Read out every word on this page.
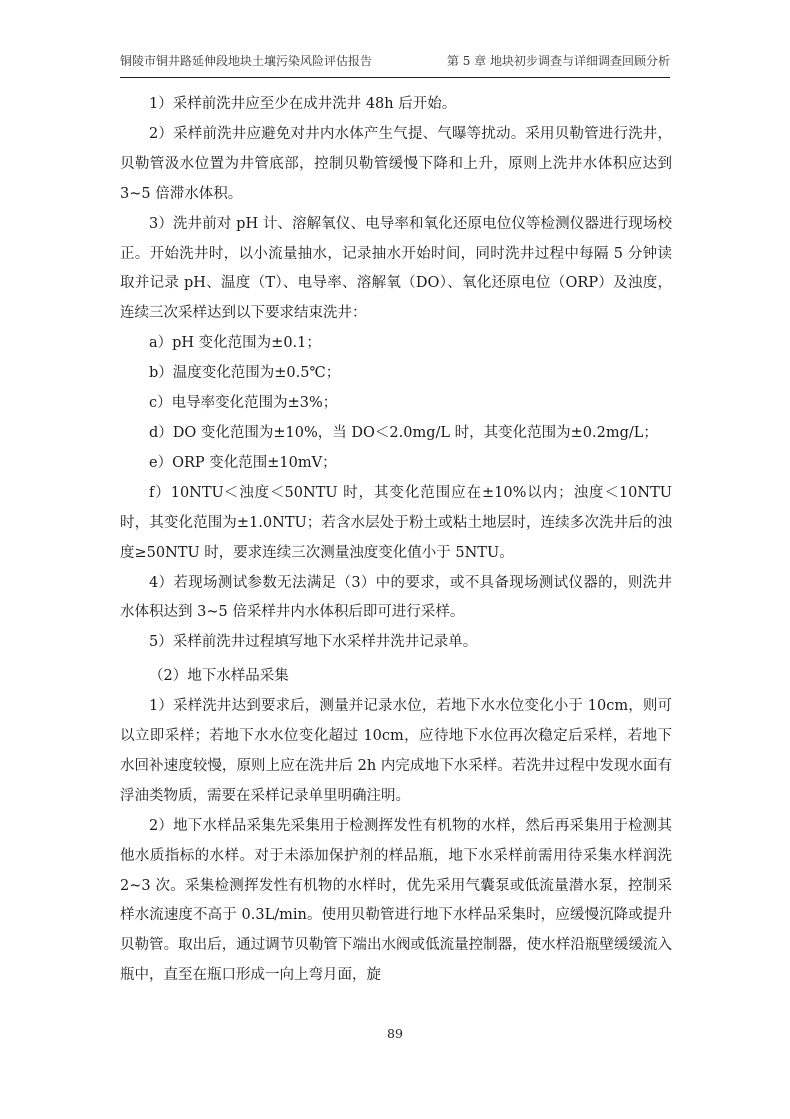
铜陵市铜井路延伸段地块土壤污染风险评估报告	第 5 章 地块初步调查与详细调查回顾分析

1）采样前洗井应至少在成井洗井 48h 后开始。

2）采样前洗井应避免对井内水体产生气提、气曝等扰动。采用贝勒管进行洗井，贝勒管汲水位置为井管底部，控制贝勒管缓慢下降和上升，原则上洗井水体积应达到 3~5 倍滞水体积。

3）洗井前对 pH 计、溶解氧仪、电导率和氧化还原电位仪等检测仪器进行现场校正。开始洗井时，以小流量抽水，记录抽水开始时间，同时洗井过程中每隔 5 分钟读取并记录 pH、温度（T）、电导率、溶解氧（DO）、氧化还原电位（ORP）及浊度，连续三次采样达到以下要求结束洗井：

a）pH 变化范围为±0.1；

b）温度变化范围为±0.5℃；

c）电导率变化范围为±3%；

d）DO 变化范围为±10%，当 DO＜2.0mg/L 时，其变化范围为±0.2mg/L；

e）ORP 变化范围±10mV；

f）10NTU＜浊度＜50NTU 时，其变化范围应在±10%以内；浊度＜10NTU 时，其变化范围为±1.0NTU；若含水层处于粉土或粘土地层时，连续多次洗井后的浊度≥50NTU 时，要求连续三次测量浊度变化值小于 5NTU。

4）若现场测试参数无法满足（3）中的要求，或不具备现场测试仪器的，则洗井水体积达到 3~5 倍采样井内水体积后即可进行采样。

5）采样前洗井过程填写地下水采样井洗井记录单。

（2）地下水样品采集

1）采样洗井达到要求后，测量并记录水位，若地下水水位变化小于 10cm，则可以立即采样；若地下水水位变化超过 10cm，应待地下水位再次稳定后采样，若地下水回补速度较慢，原则上应在洗井后 2h 内完成地下水采样。若洗井过程中发现水面有浮油类物质，需要在采样记录单里明确注明。

2）地下水样品采集先采集用于检测挥发性有机物的水样，然后再采集用于检测其他水质指标的水样。对于未添加保护剂的样品瓶，地下水采样前需用待采集水样润洗 2~3 次。采集检测挥发性有机物的水样时，优先采用气囊泵或低流量潜水泵，控制采样水流速度不高于 0.3L/min。使用贝勒管进行地下水样品采集时，应缓慢沉降或提升贝勒管。取出后，通过调节贝勒管下端出水阀或低流量控制器，使水样沿瓶壁缓缓流入瓶中，直至在瓶口形成一向上弯月面，旋

89
